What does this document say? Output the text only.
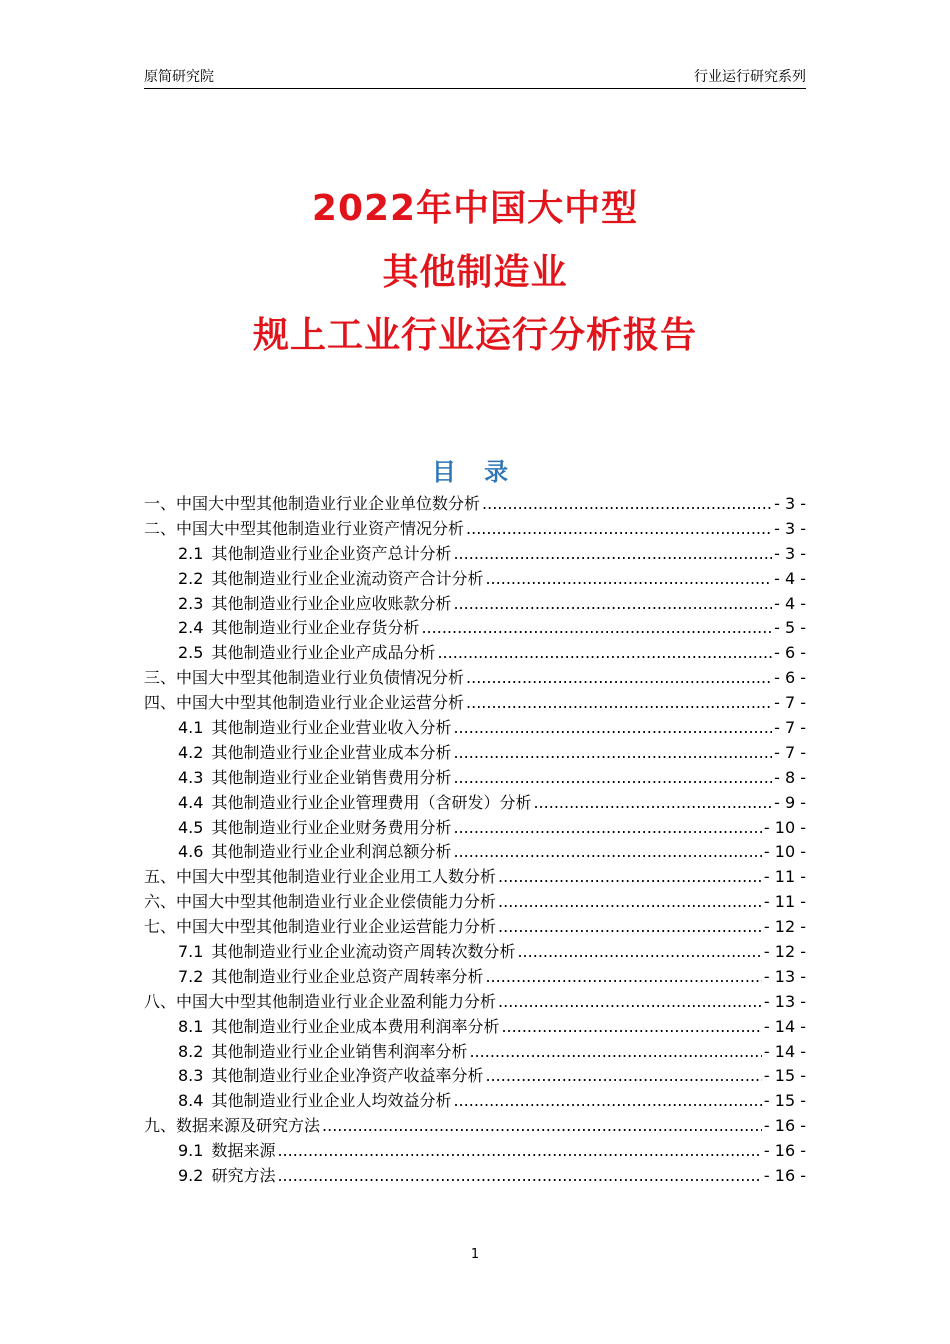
原简研究院	行业运行研究系列
2022年中国大中型
其他制造业
规上工业行业运行分析报告
目 录
一、中国大中型其他制造业行业企业单位数分析 .....	- 3 -
二、中国大中型其他制造业行业资产情况分析 .....	- 3 -
2.1 其他制造业行业企业资产总计分析 .....	- 3 -
2.2 其他制造业行业企业流动资产合计分析 .....	- 4 -
2.3 其他制造业行业企业应收账款分析 .....	- 4 -
2.4 其他制造业行业企业存货分析 .....	- 5 -
2.5 其他制造业行业企业产成品分析 .....	- 6 -
三、中国大中型其他制造业行业负债情况分析 .....	- 6 -
四、中国大中型其他制造业行业企业运营分析 .....	- 7 -
4.1 其他制造业行业企业营业收入分析 .....	- 7 -
4.2 其他制造业行业企业营业成本分析 .....	- 7 -
4.3 其他制造业行业企业销售费用分析 .....	- 8 -
4.4 其他制造业行业企业管理费用（含研发）分析 .....	- 9 -
4.5 其他制造业行业企业财务费用分析 .....	- 10 -
4.6 其他制造业行业企业利润总额分析 .....	- 10 -
五、中国大中型其他制造业行业企业用工人数分析 .....	- 11 -
六、中国大中型其他制造业行业企业偿债能力分析 .....	- 11 -
七、中国大中型其他制造业行业企业运营能力分析 .....	- 12 -
7.1 其他制造业行业企业流动资产周转次数分析 .....	- 12 -
7.2 其他制造业行业企业总资产周转率分析 .....	- 13 -
八、中国大中型其他制造业行业企业盈利能力分析 .....	- 13 -
8.1 其他制造业行业企业成本费用利润率分析 .....	- 14 -
8.2 其他制造业行业企业销售利润率分析 .....	- 14 -
8.3 其他制造业行业企业净资产收益率分析 .....	- 15 -
8.4 其他制造业行业企业人均效益分析 .....	- 15 -
九、数据来源及研究方法 .....	- 16 -
9.1 数据来源 .....	- 16 -
9.2 研究方法 .....	- 16 -
1
